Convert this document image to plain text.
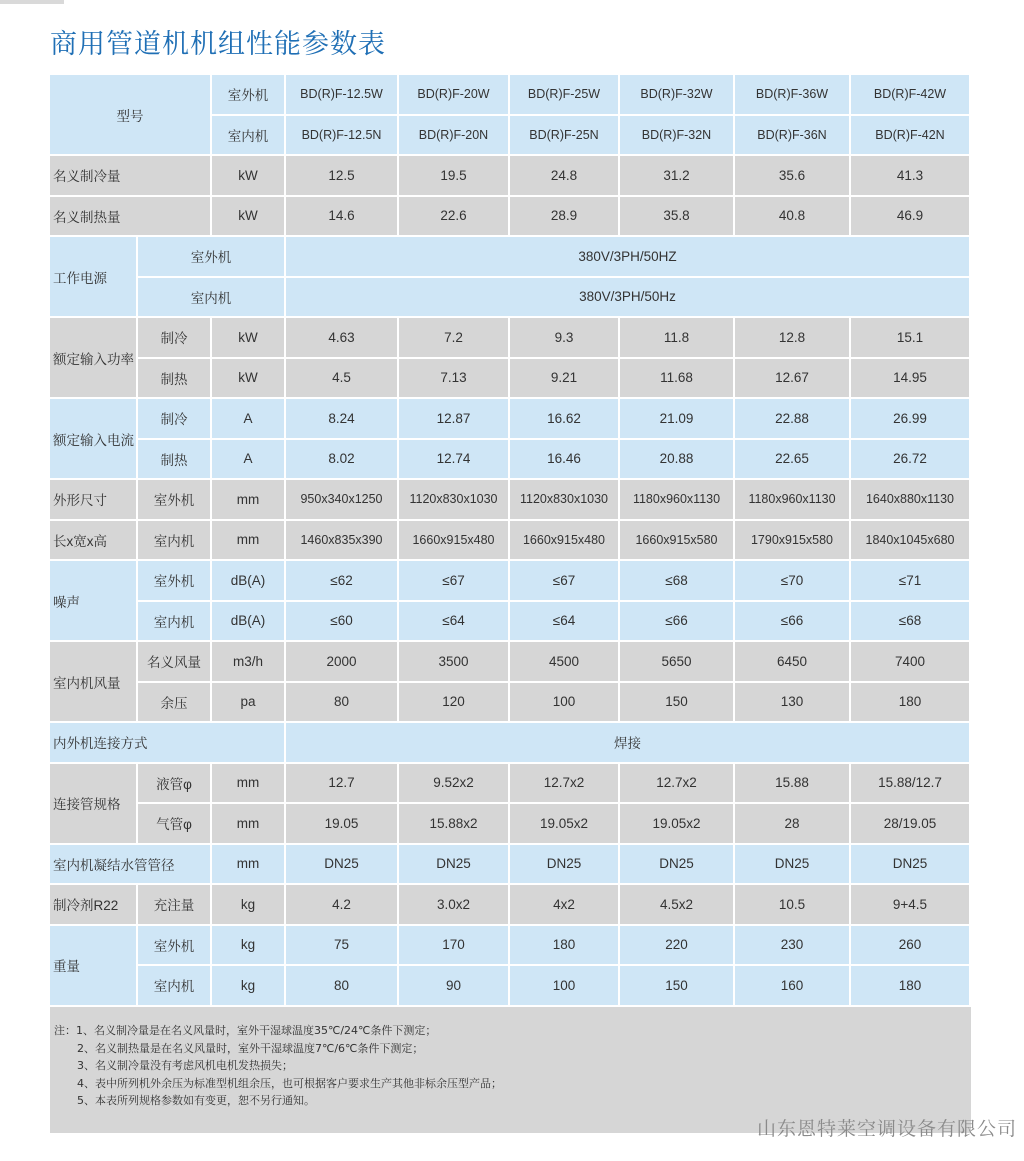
商用管道机机组性能参数表
型号		室外机	BD(R)F-12.5W	BD(R)F-20W	BD(R)F-25W	BD(R)F-32W	BD(R)F-36W	BD(R)F-42W
		室内机	BD(R)F-12.5N	BD(R)F-20N	BD(R)F-25N	BD(R)F-32N	BD(R)F-36N	BD(R)F-42N
名义制冷量		kW	12.5	19.5	24.8	31.2	35.6	41.3
名义制热量		kW	14.6	22.6	28.9	35.8	40.8	46.9
工作电源	室外机		380V/3PH/50HZ					
	室内机		380V/3PH/50Hz					
额定输入功率	制冷	kW	4.63	7.2	9.3	11.8	12.8	15.1
	制热	kW	4.5	7.13	9.21	11.68	12.67	14.95
额定输入电流	制冷	A	8.24	12.87	16.62	21.09	22.88	26.99
	制热	A	8.02	12.74	16.46	20.88	22.65	26.72
外形尺寸	室外机	mm	950x340x1250	1120x830x1030	1120x830x1030	1180x960x1130	1180x960x1130	1640x880x1130
长x宽x高	室内机	mm	1460x835x390	1660x915x480	1660x915x480	1660x915x580	1790x915x580	1840x1045x680
噪声	室外机	dB(A)	≤62	≤67	≤67	≤68	≤70	≤71
	室内机	dB(A)	≤60	≤64	≤64	≤66	≤66	≤68
室内机风量	名义风量	m3/h	2000	3500	4500	5650	6450	7400
	余压	pa	80	120	100	150	130	180
内外机连接方式			焊接					
连接管规格	液管φ	mm	12.7	9.52x2	12.7x2	12.7x2	15.88	15.88/12.7
	气管φ	mm	19.05	15.88x2	19.05x2	19.05x2	28	28/19.05
室内机凝结水管管径		mm	DN25	DN25	DN25	DN25	DN25	DN25
制冷剂R22	充注量	kg	4.2	3.0x2	4x2	4.5x2	10.5	9+4.5
重量	室外机	kg	75	170	180	220	230	260
	室内机	kg	80	90	100	150	160	180
注：1、名义制冷量是在名义风量时，室外干湿球温度35℃/24℃条件下测定；
2、名义制热量是在名义风量时，室外干湿球温度7℃/6℃条件下测定；
3、名义制冷量没有考虑风机电机发热损失；
4、表中所列机外余压为标准型机组余压，也可根据客户要求生产其他非标余压型产品；
5、本表所列规格参数如有变更，恕不另行通知。
山东恩特莱空调设备有限公司
